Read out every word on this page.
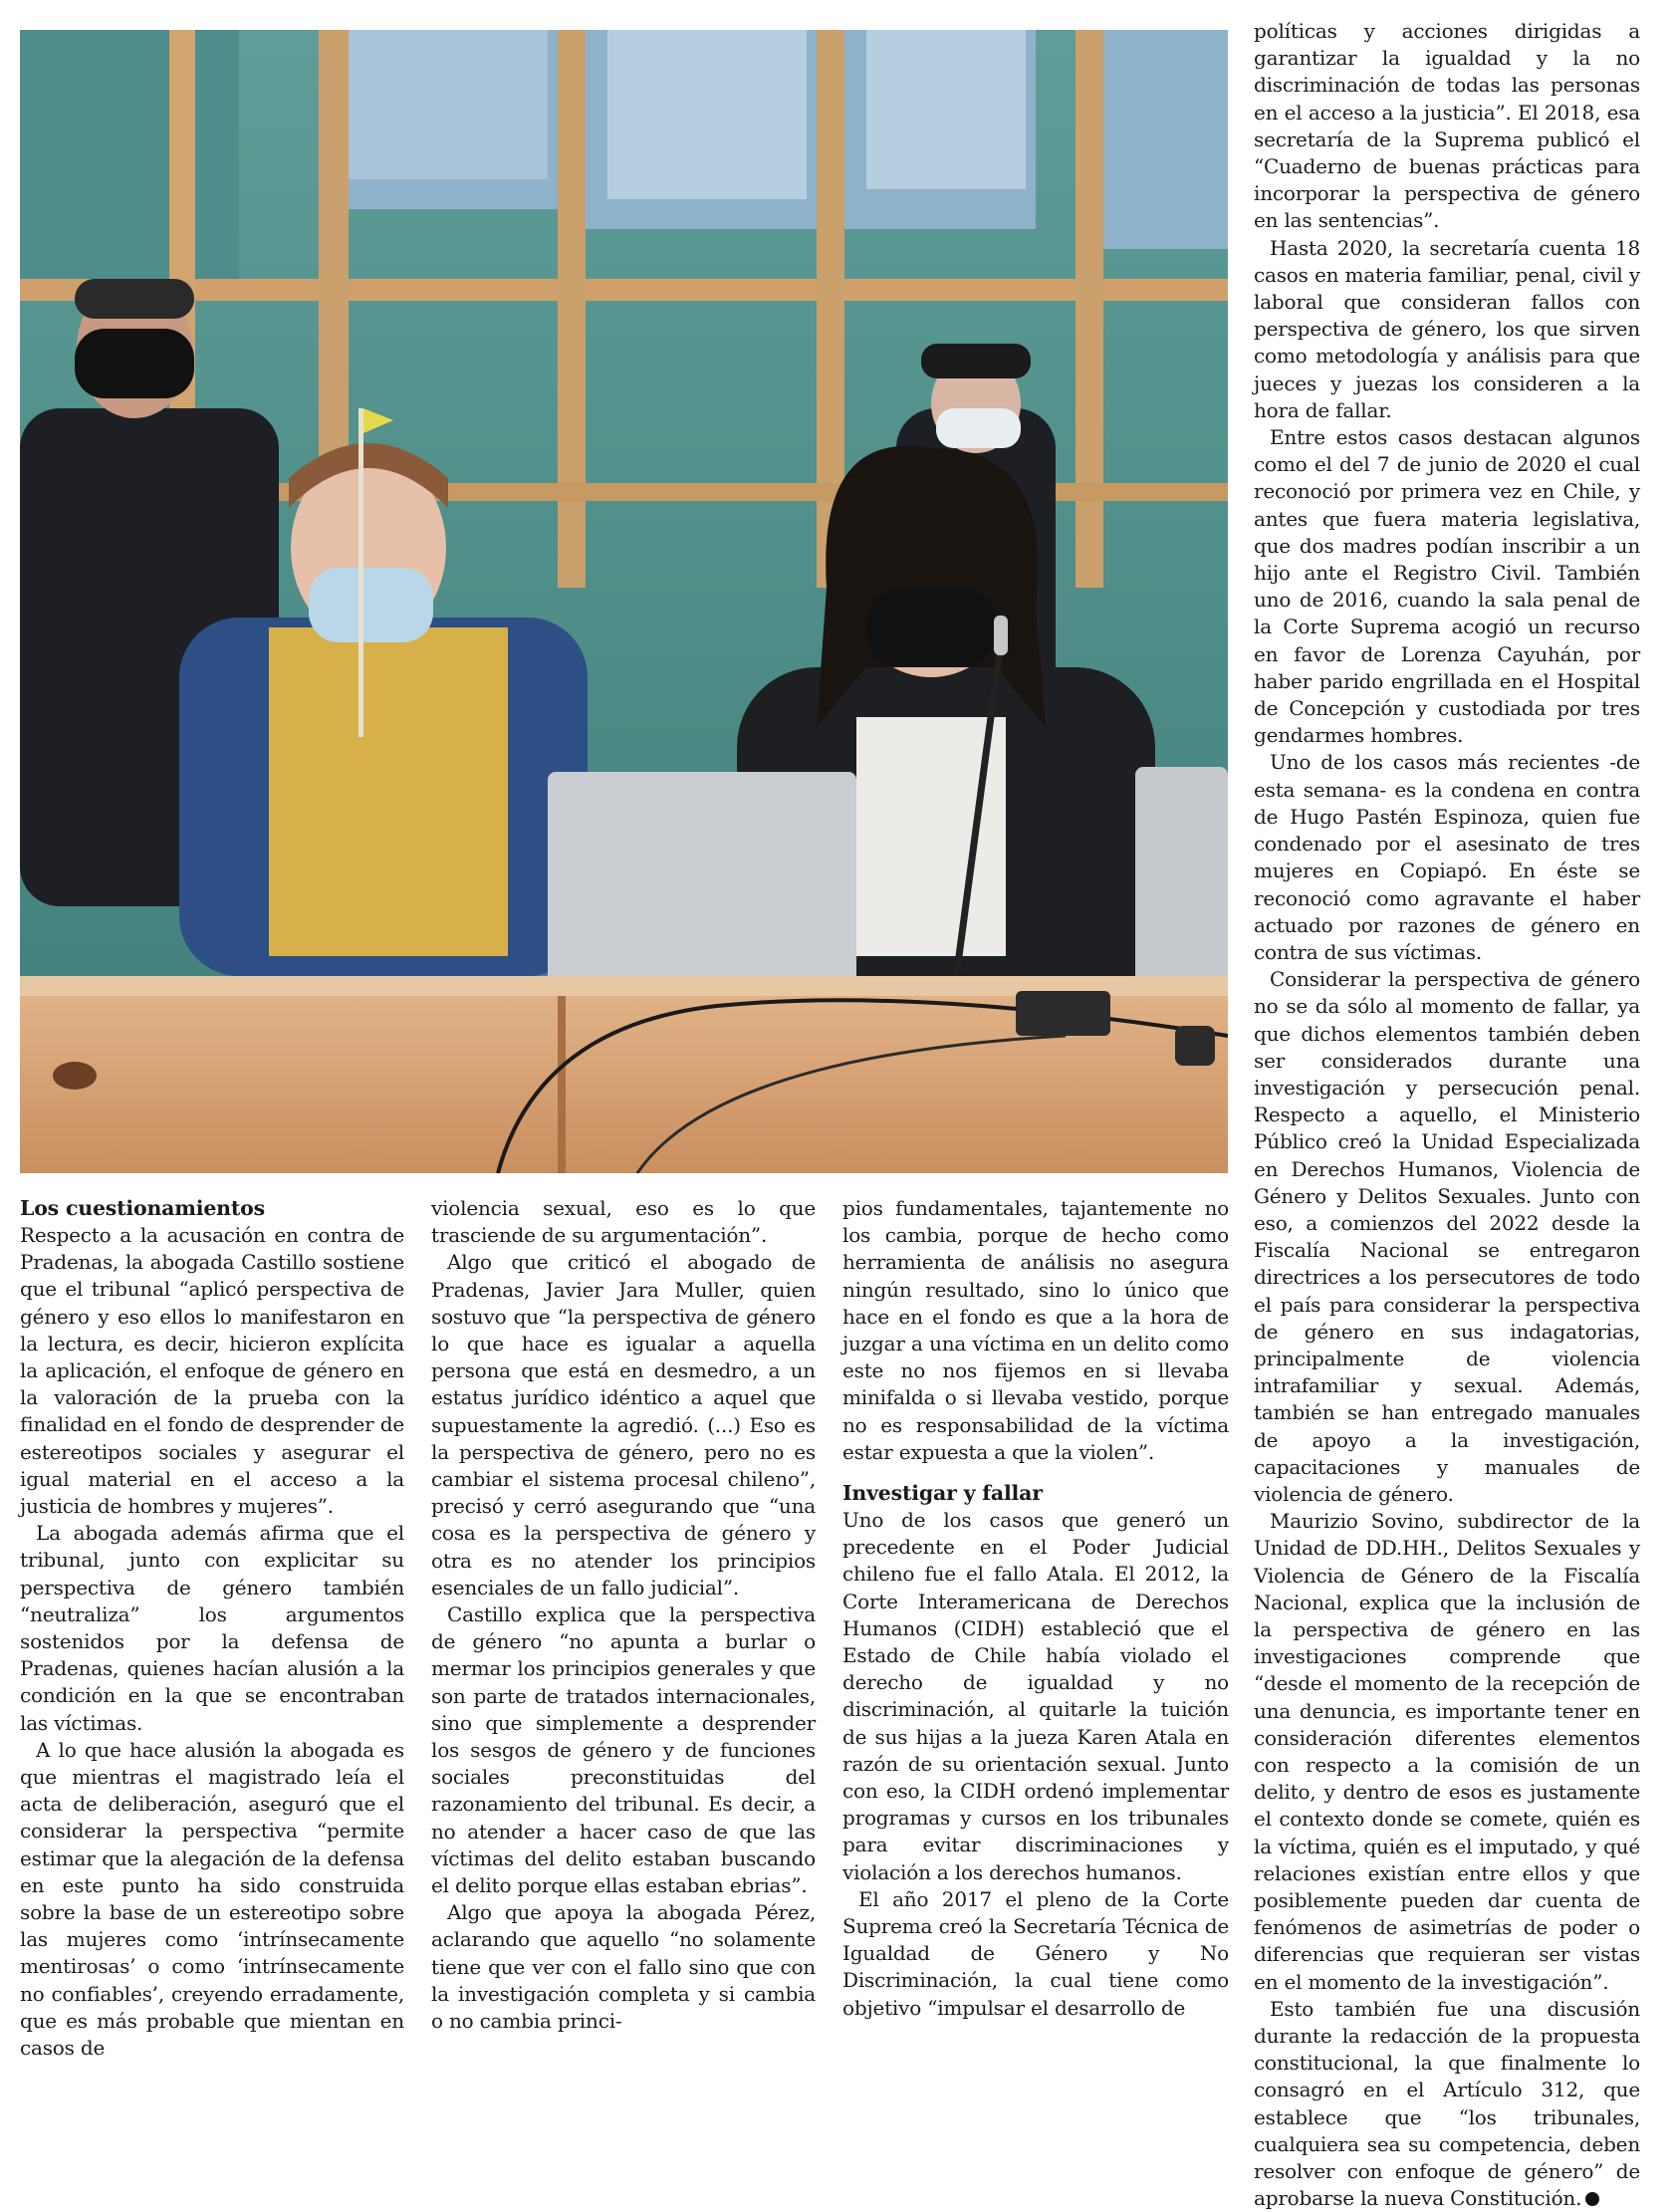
Los cuestionamientos

Respecto a la acusación en contra de Pradenas, la abogada Castillo sostiene que el tribunal “aplicó perspectiva de género y eso ellos lo manifestaron en la lectura, es decir, hicieron explícita la aplicación, el enfoque de género en la valoración de la prueba con la finalidad en el fondo de desprender de estereotipos sociales y asegurar el igual material en el acceso a la justicia de hombres y mujeres”.

La abogada además afirma que el tribunal, junto con explicitar su perspectiva de género también “neutraliza” los argumentos sostenidos por la defensa de Pradenas, quienes hacían alusión a la condición en la que se encontraban las víctimas.

A lo que hace alusión la abogada es que mientras el magistrado leía el acta de deliberación, aseguró que el considerar la perspectiva “permite estimar que la alegación de la defensa en este punto ha sido construida sobre la base de un estereotipo sobre las mujeres como ‘intrínsecamente mentirosas’ o como ‘intrínsecamente no confiables’, creyendo erradamente, que es más probable que mientan en casos de

violencia sexual, eso es lo que trasciende de su argumentación”.

Algo que criticó el abogado de Pradenas, Javier Jara Muller, quien sostuvo que “la perspectiva de género lo que hace es igualar a aquella persona que está en desmedro, a un estatus jurídico idéntico a aquel que supuestamente la agredió. (...) Eso es la perspectiva de género, pero no es cambiar el sistema procesal chileno”, precisó y cerró asegurando que “una cosa es la perspectiva de género y otra es no atender los principios esenciales de un fallo judicial”.

Castillo explica que la perspectiva de género “no apunta a burlar o mermar los principios generales y que son parte de tratados internacionales, sino que simplemente a desprender los sesgos de género y de funciones sociales preconstituidas del razonamiento del tribunal. Es decir, a no atender a hacer caso de que las víctimas del delito estaban buscando el delito porque ellas estaban ebrias”.

Algo que apoya la abogada Pérez, aclarando que aquello “no solamente tiene que ver con el fallo sino que con la investigación completa y si cambia o no cambia princi-

pios fundamentales, tajantemente no los cambia, porque de hecho como herramienta de análisis no asegura ningún resultado, sino lo único que hace en el fondo es que a la hora de juzgar a una víctima en un delito como este no nos fijemos en si llevaba minifalda o si llevaba vestido, porque no es responsabilidad de la víctima estar expuesta a que la violen”.

Investigar y fallar

Uno de los casos que generó un precedente en el Poder Judicial chileno fue el fallo Atala. El 2012, la Corte Interamericana de Derechos Humanos (CIDH) estableció que el Estado de Chile había violado el derecho de igualdad y no discriminación, al quitarle la tuición de sus hijas a la jueza Karen Atala en razón de su orientación sexual. Junto con eso, la CIDH ordenó implementar programas y cursos en los tribunales para evitar discriminaciones y violación a los derechos humanos.

El año 2017 el pleno de la Corte Suprema creó la Secretaría Técnica de Igualdad de Género y No Discriminación, la cual tiene como objetivo “impulsar el desarrollo de

políticas y acciones dirigidas a garantizar la igualdad y la no discriminación de todas las personas en el acceso a la justicia”. El 2018, esa secretaría de la Suprema publicó el “Cuaderno de buenas prácticas para incorporar la perspectiva de género en las sentencias”.

Hasta 2020, la secretaría cuenta 18 casos en materia familiar, penal, civil y laboral que consideran fallos con perspectiva de género, los que sirven como metodología y análisis para que jueces y juezas los consideren a la hora de fallar.

Entre estos casos destacan algunos como el del 7 de junio de 2020 el cual reconoció por primera vez en Chile, y antes que fuera materia legislativa, que dos madres podían inscribir a un hijo ante el Registro Civil. También uno de 2016, cuando la sala penal de la Corte Suprema acogió un recurso en favor de Lorenza Cayuhán, por haber parido engrillada en el Hospital de Concepción y custodiada por tres gendarmes hombres.

Uno de los casos más recientes -de esta semana- es la condena en contra de Hugo Pastén Espinoza, quien fue condenado por el asesinato de tres mujeres en Copiapó. En éste se reconoció como agravante el haber actuado por razones de género en contra de sus víctimas.

Considerar la perspectiva de género no se da sólo al momento de fallar, ya que dichos elementos también deben ser considerados durante una investigación y persecución penal. Respecto a aquello, el Ministerio Público creó la Unidad Especializada en Derechos Humanos, Violencia de Género y Delitos Sexuales. Junto con eso, a comienzos del 2022 desde la Fiscalía Nacional se entregaron directrices a los persecutores de todo el país para considerar la perspectiva de género en sus indagatorias, principalmente de violencia intrafamiliar y sexual. Además, también se han entregado manuales de apoyo a la investigación, capacitaciones y manuales de violencia de género.

Maurizio Sovino, subdirector de la Unidad de DD.HH., Delitos Sexuales y Violencia de Género de la Fiscalía Nacional, explica que la inclusión de la perspectiva de género en las investigaciones comprende que “desde el momento de la recepción de una denuncia, es importante tener en consideración diferentes elementos con respecto a la comisión de un delito, y dentro de esos es justamente el contexto donde se comete, quién es la víctima, quién es el imputado, y qué relaciones existían entre ellos y que posiblemente pueden dar cuenta de fenómenos de asimetrías de poder o diferencias que requieran ser vistas en el momento de la investigación”.

Esto también fue una discusión durante la redacción de la propuesta constitucional, la que finalmente lo consagró en el Artículo 312, que establece que “los tribunales, cualquiera sea su competencia, deben resolver con enfoque de género” de aprobarse la nueva Constitución.
